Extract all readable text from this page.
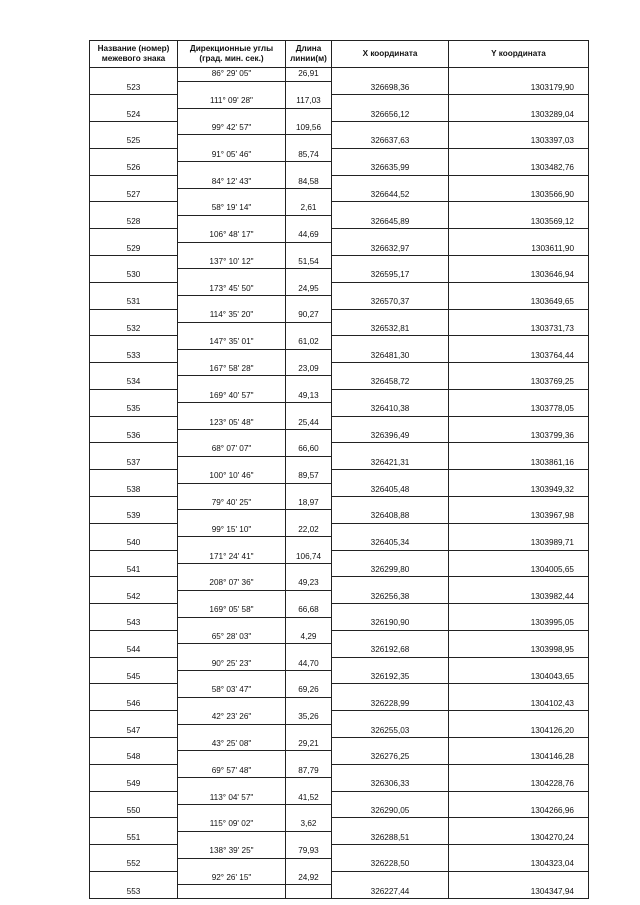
Название (номер) межевого знака	Дирекционные углы (град. мин. сек.)	Длина линии(м)	X координата	Y координата
	86° 29' 05"	26,91		
523			326698,36	1303179,90
	111° 09' 28"	117,03		
524			326656,12	1303289,04
	99° 42' 57"	109,56		
525			326637,63	1303397,03
	91° 05' 46"	85,74		
526			326635,99	1303482,76
	84° 12' 43"	84,58		
527			326644,52	1303566,90
	58° 19' 14"	2,61		
528			326645,89	1303569,12
	106° 48' 17"	44,69		
529			326632,97	1303611,90
	137° 10' 12"	51,54		
530			326595,17	1303646,94
	173° 45' 50"	24,95		
531			326570,37	1303649,65
	114° 35' 20"	90,27		
532			326532,81	1303731,73
	147° 35' 01"	61,02		
533			326481,30	1303764,44
	167° 58' 28"	23,09		
534			326458,72	1303769,25
	169° 40' 57"	49,13		
535			326410,38	1303778,05
	123° 05' 48"	25,44		
536			326396,49	1303799,36
	68° 07' 07"	66,60		
537			326421,31	1303861,16
	100° 10' 46"	89,57		
538			326405,48	1303949,32
	79° 40' 25"	18,97		
539			326408,88	1303967,98
	99° 15' 10"	22,02		
540			326405,34	1303989,71
	171° 24' 41"	106,74		
541			326299,80	1304005,65
	208° 07' 36"	49,23		
542			326256,38	1303982,44
	169° 05' 58"	66,68		
543			326190,90	1303995,05
	65° 28' 03"	4,29		
544			326192,68	1303998,95
	90° 25' 23"	44,70		
545			326192,35	1304043,65
	58° 03' 47"	69,26		
546			326228,99	1304102,43
	42° 23' 26"	35,26		
547			326255,03	1304126,20
	43° 25' 08"	29,21		
548			326276,25	1304146,28
	69° 57' 48"	87,79		
549			326306,33	1304228,76
	113° 04' 57"	41,52		
550			326290,05	1304266,96
	115° 09' 02"	3,62		
551			326288,51	1304270,24
	138° 39' 25"	79,93		
552			326228,50	1304323,04
	92° 26' 15"	24,92		
553			326227,44	1304347,94
